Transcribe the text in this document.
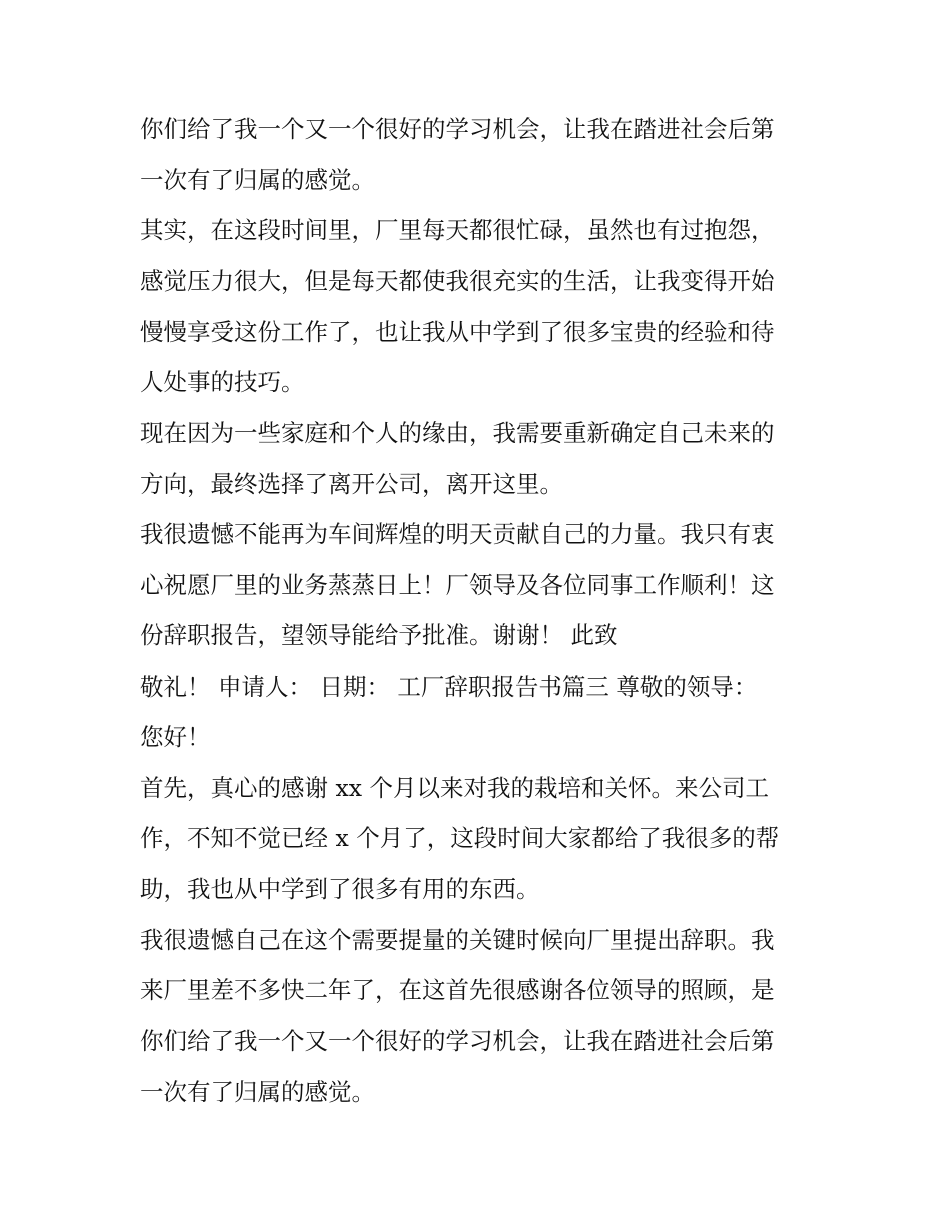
你们给了我一个又一个很好的学习机会，让我在踏进社会后第
一次有了归属的感觉。
其实，在这段时间里，厂里每天都很忙碌，虽然也有过抱怨，
感觉压力很大，但是每天都使我很充实的生活，让我变得开始
慢慢享受这份工作了，也让我从中学到了很多宝贵的经验和待
人处事的技巧。
现在因为一些家庭和个人的缘由，我需要重新确定自己未来的
方向，最终选择了离开公司，离开这里。
我很遗憾不能再为车间辉煌的明天贡献自己的力量。我只有衷
心祝愿厂里的业务蒸蒸日上！厂领导及各位同事工作顺利！这
份辞职报告，望领导能给予批准。谢谢！ 此致
敬礼！ 申请人： 日期： 工厂辞职报告书篇三 尊敬的领导：
您好！
首先，真心的感谢 xx 个月以来对我的栽培和关怀。来公司工
作，不知不觉已经 x 个月了，这段时间大家都给了我很多的帮
助，我也从中学到了很多有用的东西。
我很遗憾自己在这个需要提量的关键时候向厂里提出辞职。我
来厂里差不多快二年了，在这首先很感谢各位领导的照顾，是
你们给了我一个又一个很好的学习机会，让我在踏进社会后第
一次有了归属的感觉。
